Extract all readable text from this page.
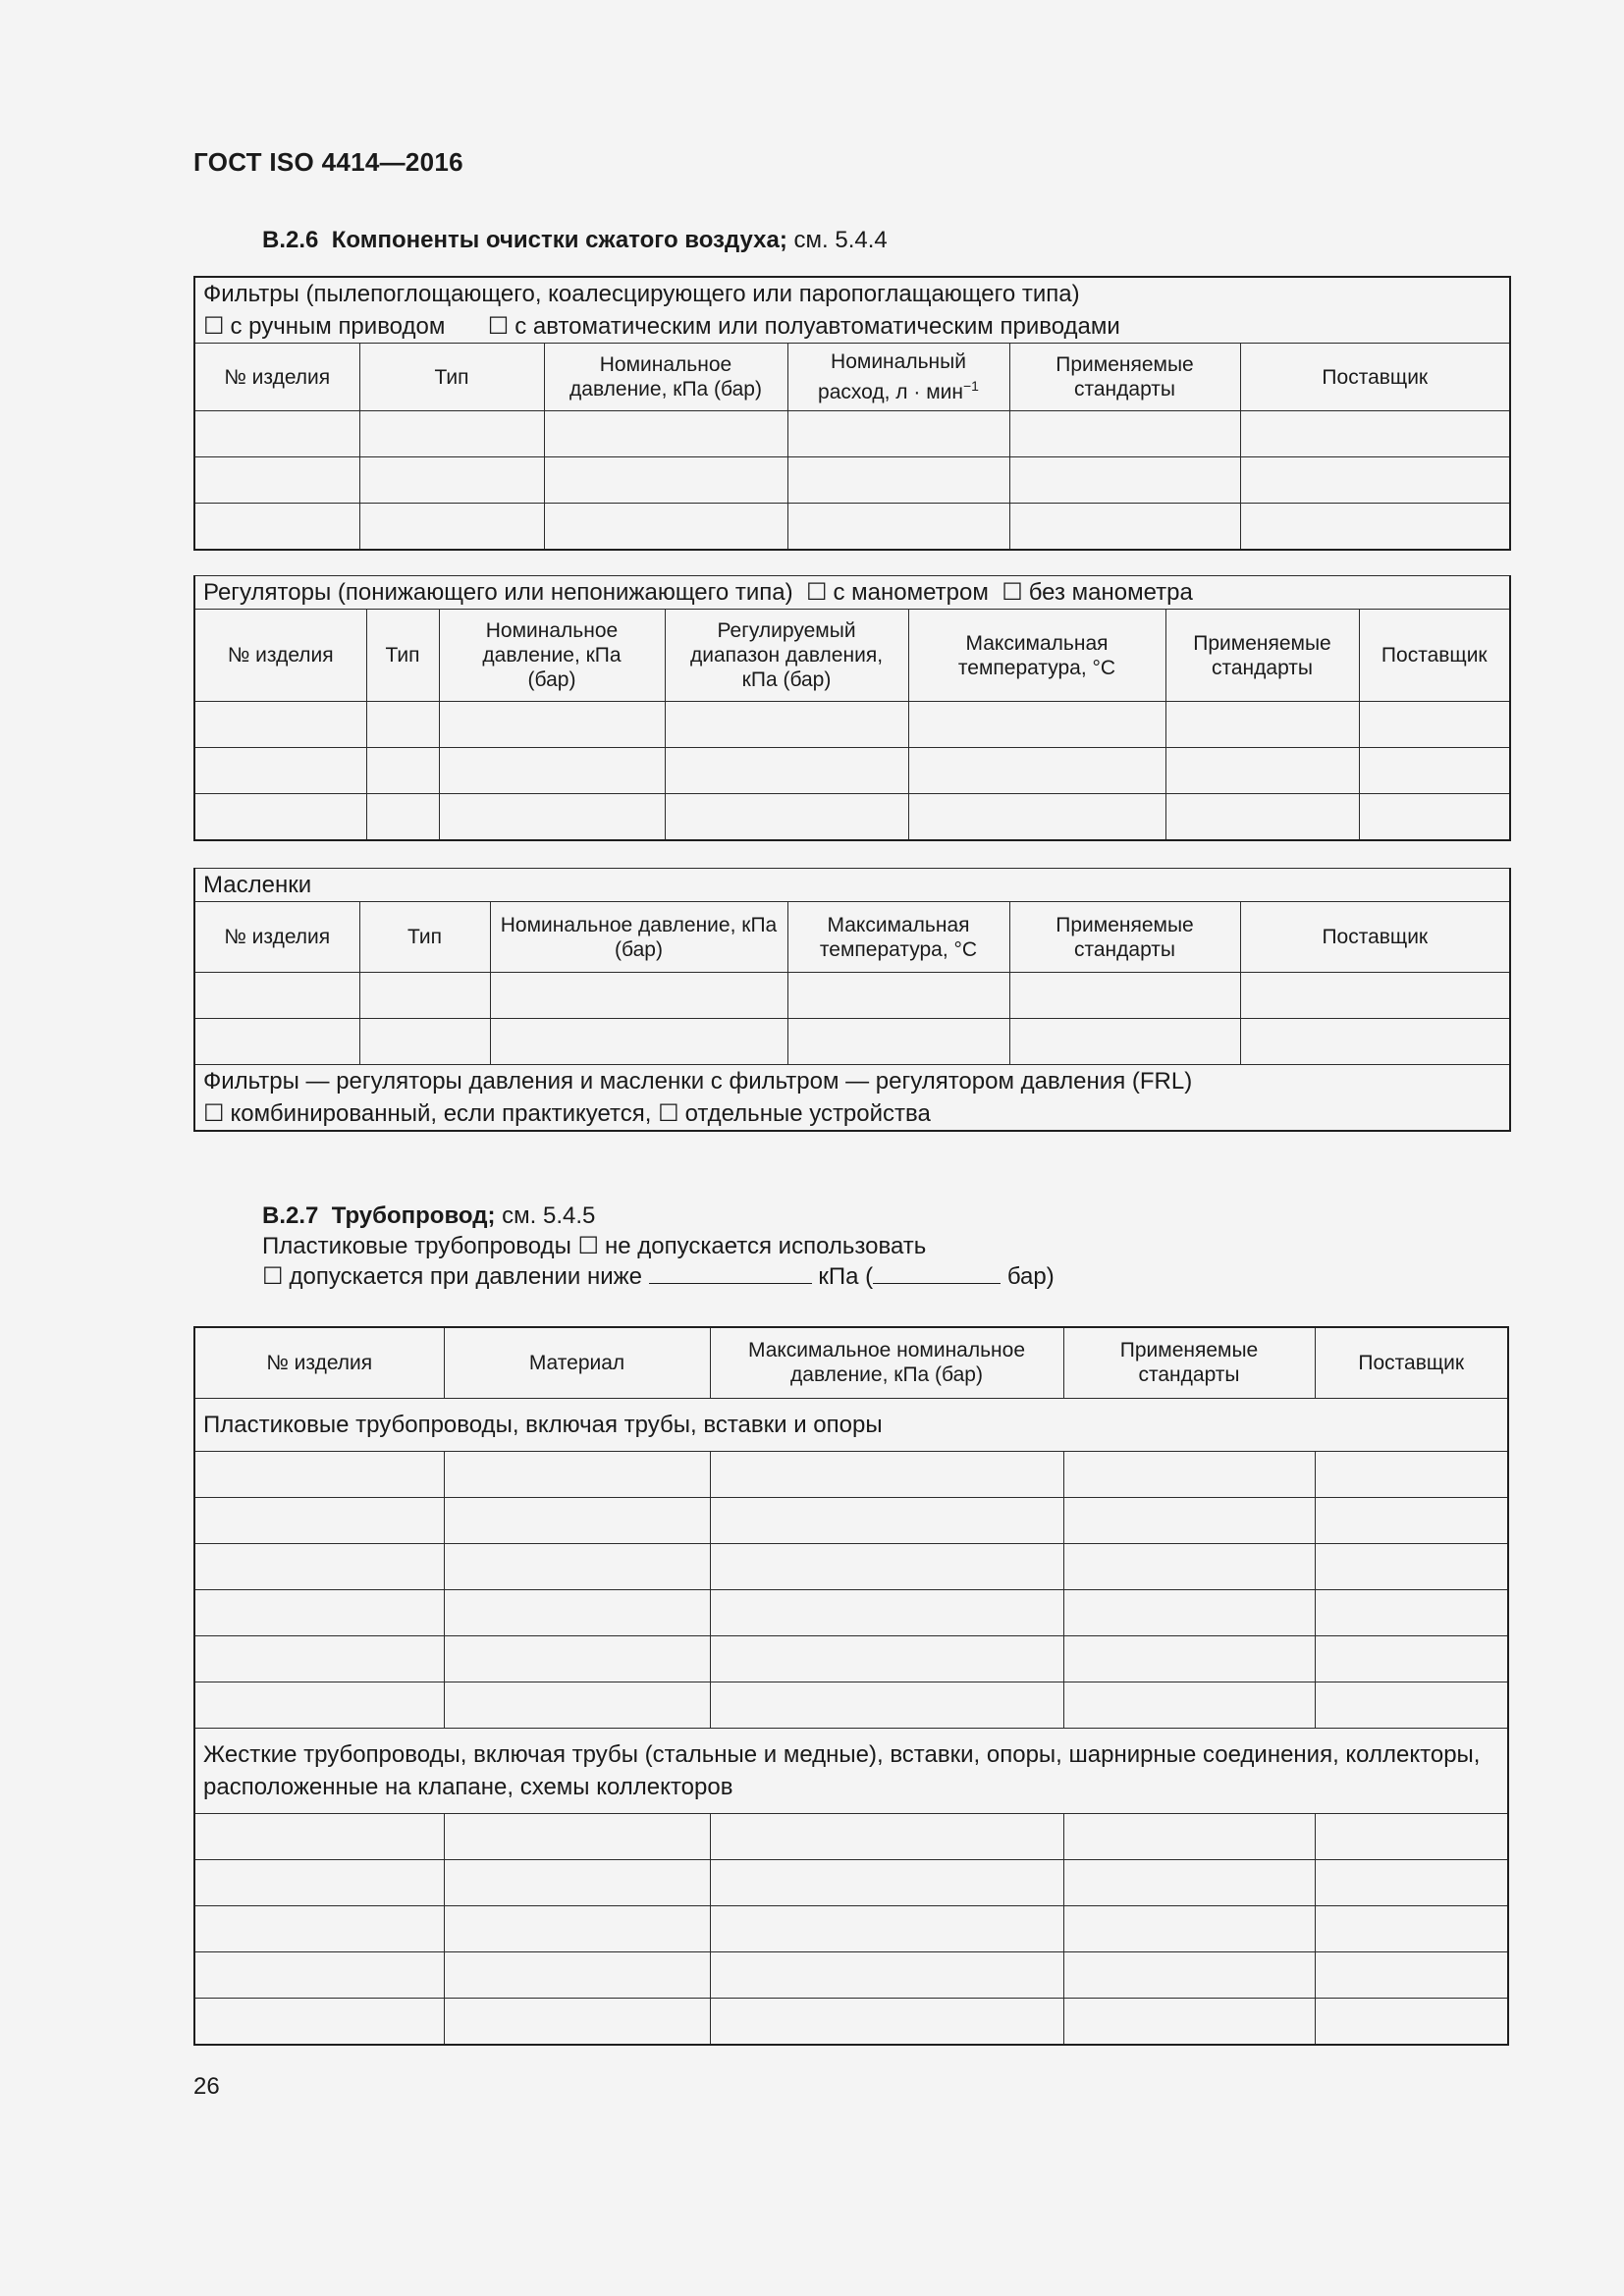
ГОСТ ISO 4414—2016
В.2.6 Компоненты очистки сжатого воздуха; см. 5.4.4
Фильтры (пылепоглощающего, коалесцирующего или паропоглащающего типа)
☐ с ручным приводом ☐ с автоматическим или полуавтоматическим приводами					

№ изделия	Тип	Номинальное давление, кПа (бар)	Номинальный расход, л · мин$^{-1}$	Применяемые стандарты	Поставщик

Регуляторы (понижающего или непонижающего типа) ☐ с манометром ☐ без манометра						
№ изделия	Тип	Номинальное давление, кПа (бар)	Регулируемый диапазон давления, кПа (бар)	Максимальная температура, °С	Применяемые стандарты	Поставщик

Масленки					
№ изделия	Тип	Номинальное давление, кПа (бар)	Максимальная температура, °С	Применяемые стандарты	Поставщик

Фильтры — регуляторы давления и масленки с фильтром — регулятором давления (FRL)
☐ комбинированный, если практикуется, ☐ отдельные устройства					
В.2.7 Трубопровод; см. 5.4.5
Пластиковые трубопроводы ☐ не допускается использовать
☐ допускается при давлении ниже	кПа (	бар)
№ изделия	Материал	Максимальное номинальное давление, кПа (бар)	Применяемые стандарты	Поставщик
Пластиковые трубопроводы, включая трубы, вставки и опоры				

Жесткие трубопроводы, включая трубы (стальные и медные), вставки, опоры, шарнирные соединения, коллекторы, расположенные на клапане, схемы коллекторов				

26
